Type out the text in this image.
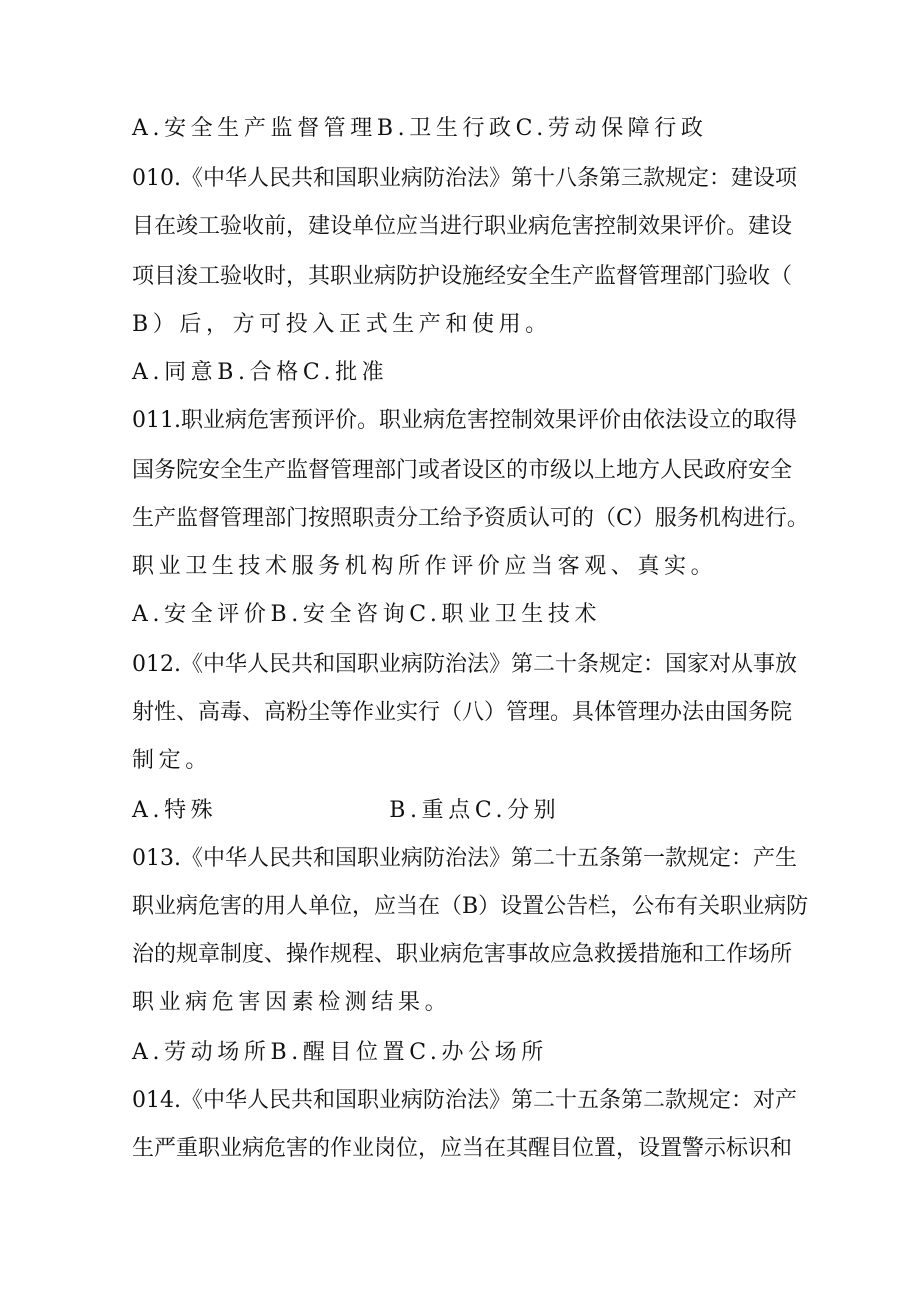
A.安全生产监督管理B.卫生行政C.劳动保障行政
010.《中华人民共和国职业病防治法》第十八条第三款规定：建设项
目在竣工验收前，建设单位应当进行职业病危害控制效果评价。建设
项目浚工验收时，其职业病防护设施经安全生产监督管理部门验收（
B）后，方可投入正式生产和使用。
A.同意B.合格C.批准
011.职业病危害预评价。职业病危害控制效果评价由依法设立的取得
国务院安全生产监督管理部门或者设区的市级以上地方人民政府安全
生产监督管理部门按照职责分工给予资质认可的（C）服务机构进行。
职业卫生技术服务机构所作评价应当客观、真实。
A.安全评价B.安全咨询C.职业卫生技术
012.《中华人民共和国职业病防治法》第二十条规定：国家对从事放
射性、高毒、高粉尘等作业实行（八）管理。具体管理办法由国务院
制定。
A.特殊	B.重点C.分别
013.《中华人民共和国职业病防治法》第二十五条第一款规定：产生
职业病危害的用人单位，应当在（B）设置公告栏，公布有关职业病防
治的规章制度、操作规程、职业病危害事故应急救援措施和工作场所
职业病危害因素检测结果。
A.劳动场所B.醒目位置C.办公场所
014.《中华人民共和国职业病防治法》第二十五条第二款规定：对产
生严重职业病危害的作业岗位，应当在其醒目位置，设置警示标识和
